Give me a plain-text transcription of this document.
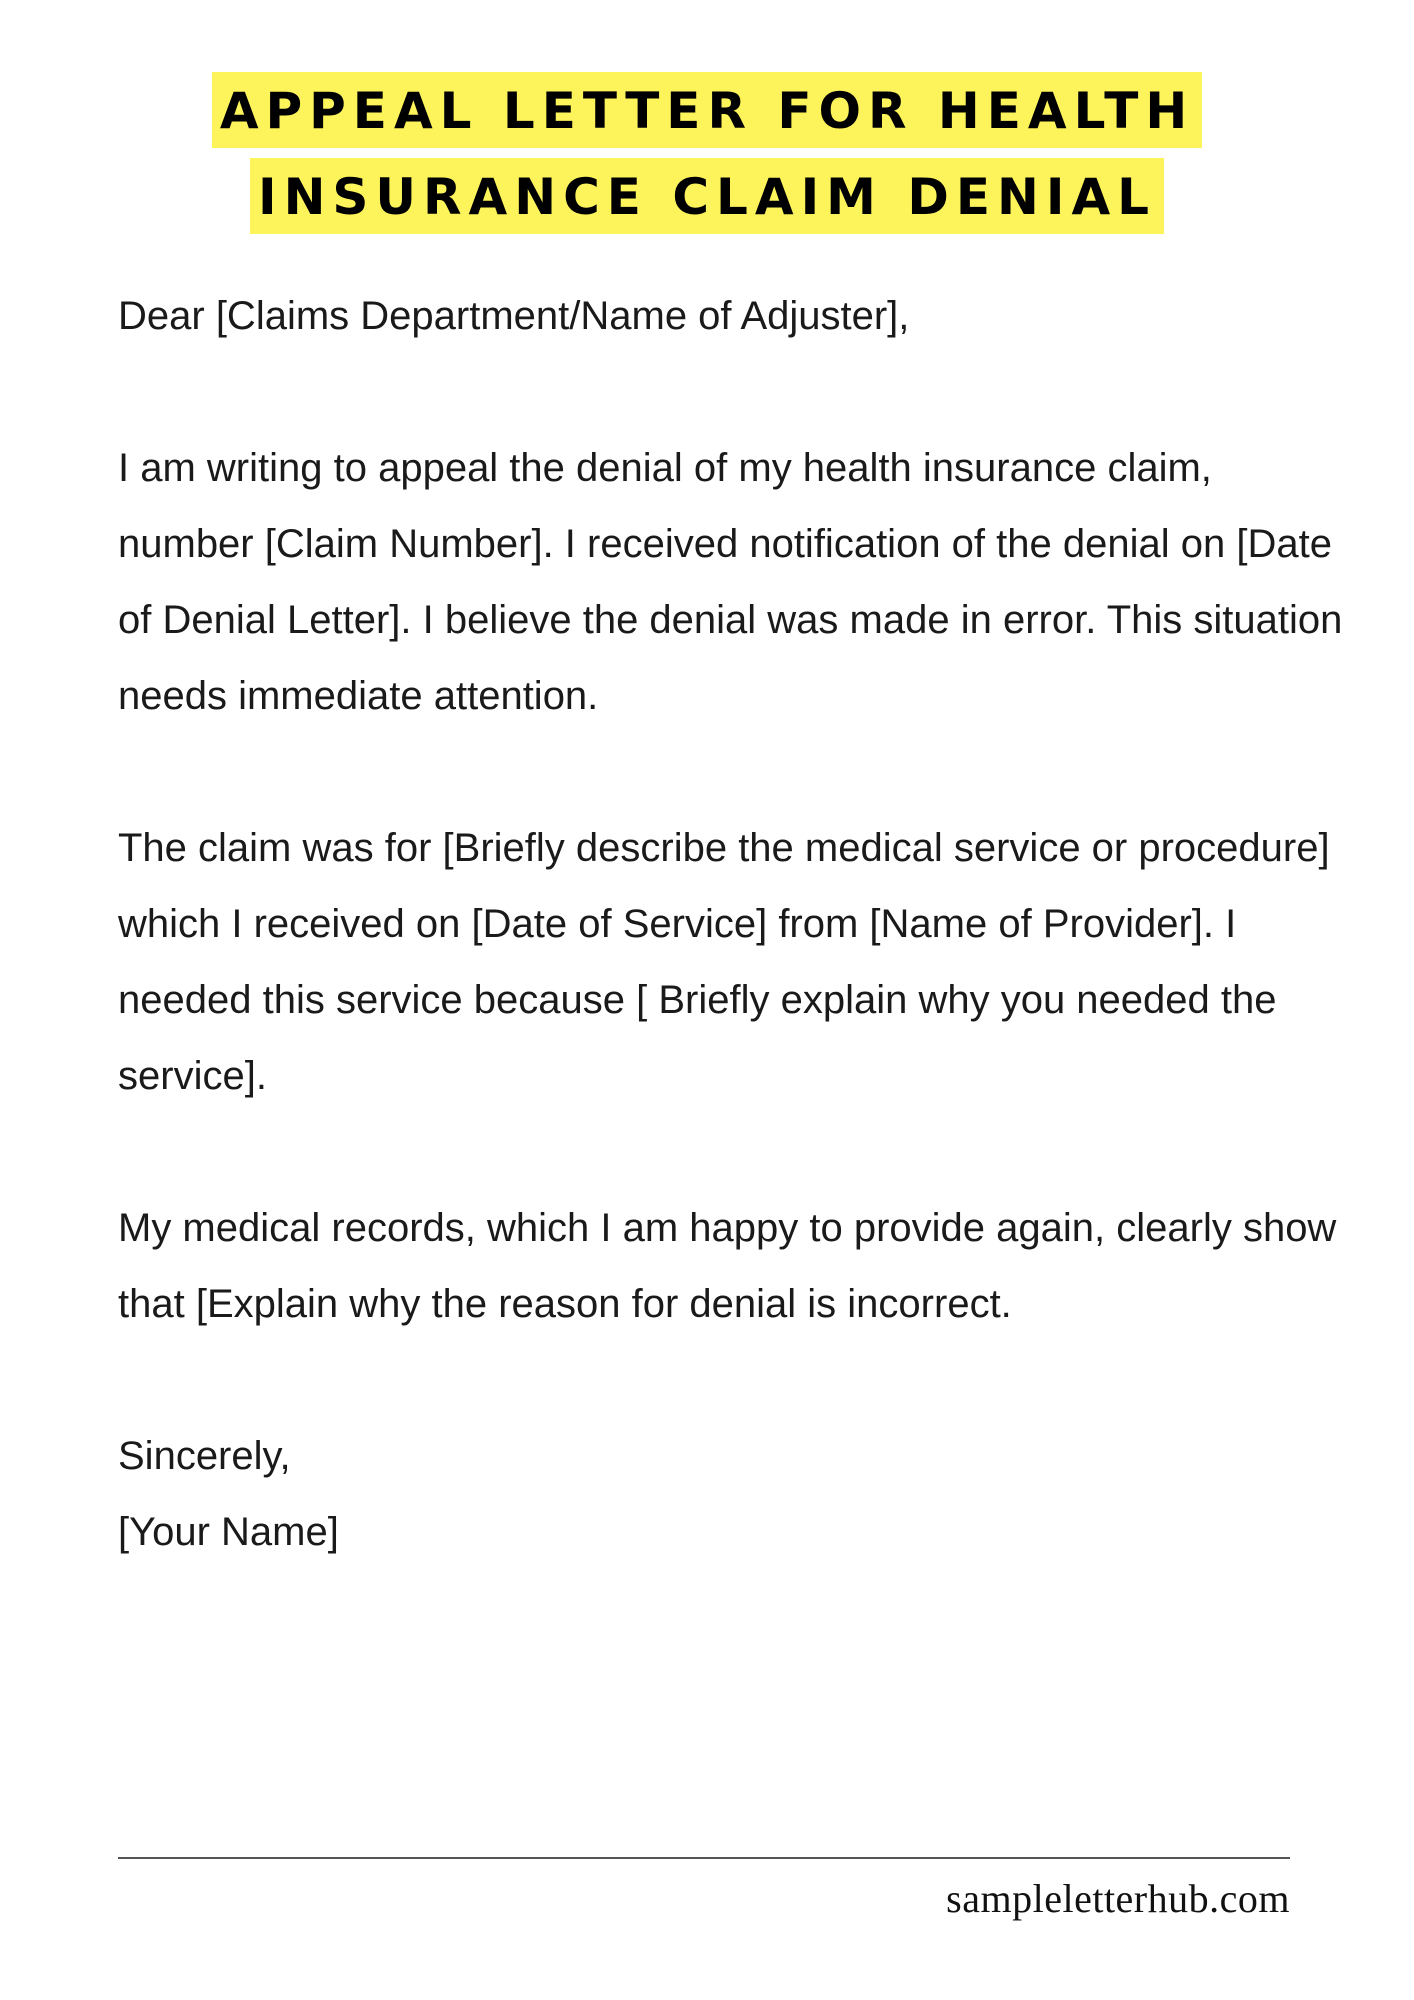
APPEAL LETTER FOR HEALTH
INSURANCE CLAIM DENIAL

Dear [Claims Department/Name of Adjuster],

I am writing to appeal the denial of my health insurance claim, number [Claim Number]. I received notification of the denial on [Date of Denial Letter]. I believe the denial was made in error. This situation needs immediate attention.

The claim was for [Briefly describe the medical service or procedure] which I received on [Date of Service] from [Name of Provider]. I needed this service because [ Briefly explain why you needed the service].

My medical records, which I am happy to provide again, clearly show that [Explain why the reason for denial is incorrect.

Sincerely,

[Your Name]

sampleletterhub.com
